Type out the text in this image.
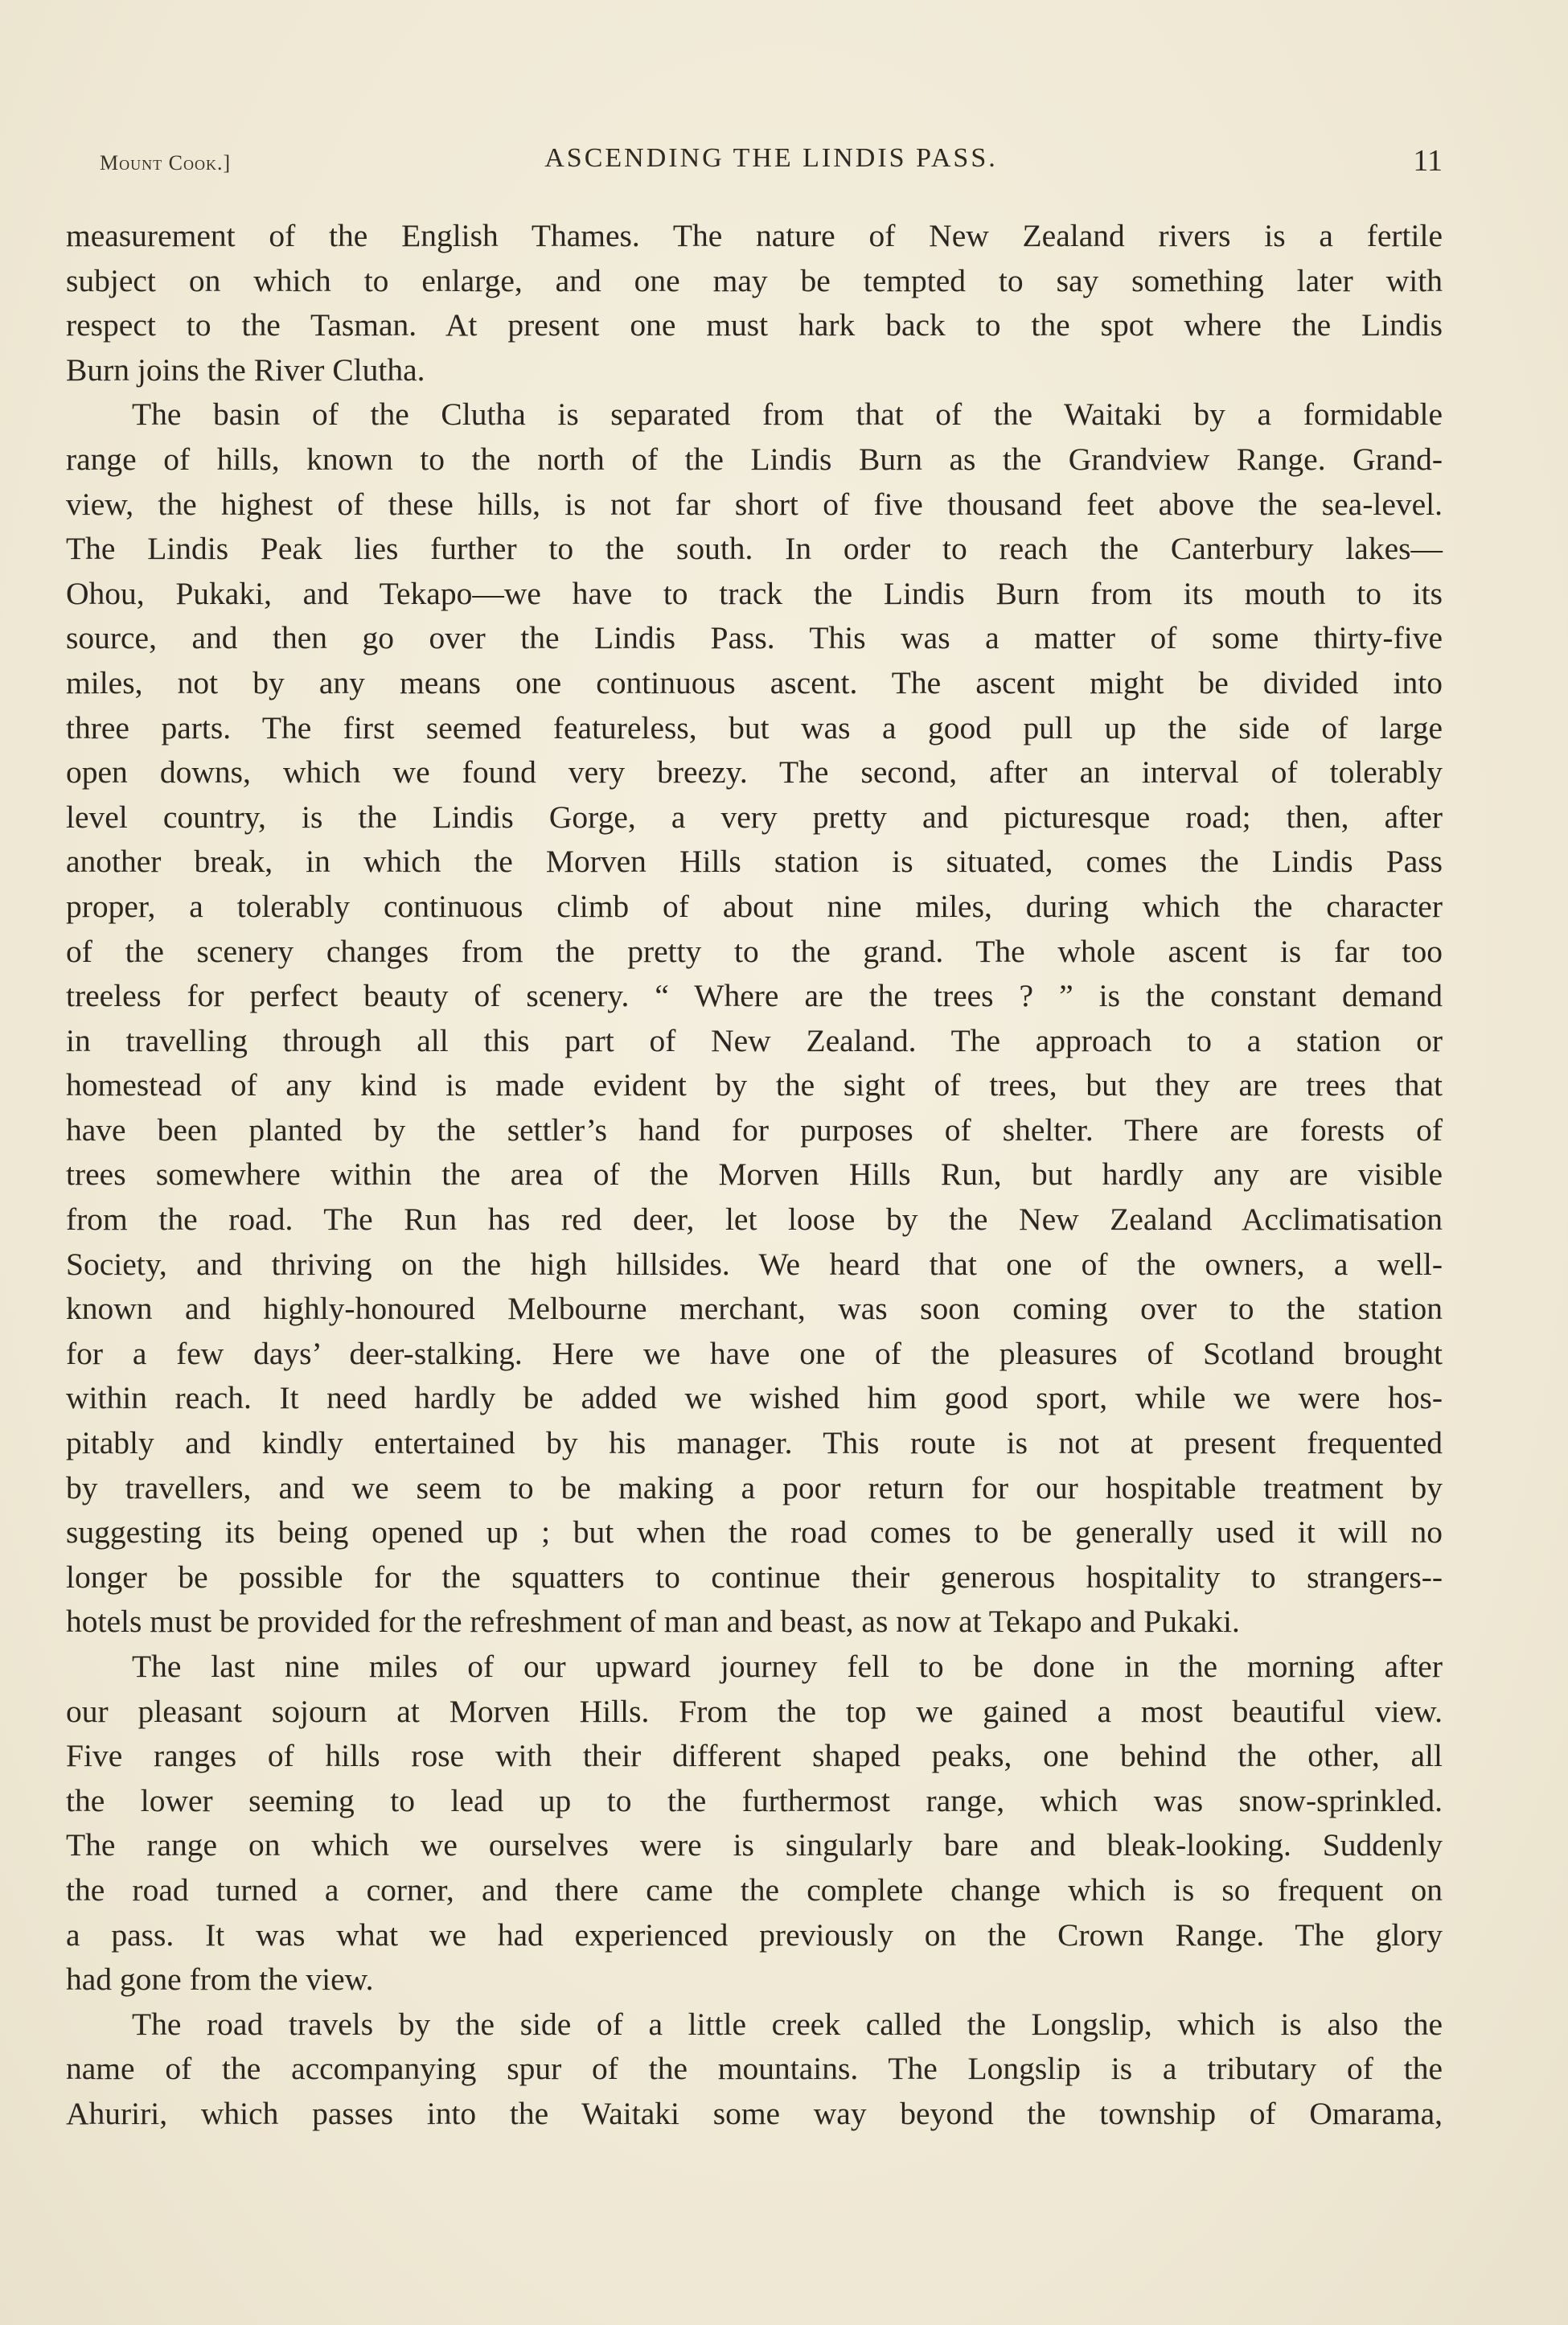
Mount Cook.]	ASCENDING THE LINDIS PASS.	11
measurement of the English Thames. The nature of New Zealand rivers is a fertile
subject on which to enlarge, and one may be tempted to say something later with
respect to the Tasman. At present one must hark back to the spot where the Lindis
Burn joins the River Clutha.
The basin of the Clutha is separated from that of the Waitaki by a formidable
range of hills, known to the north of the Lindis Burn as the Grandview Range. Grand-
view, the highest of these hills, is not far short of five thousand feet above the sea-level.
The Lindis Peak lies further to the south. In order to reach the Canterbury lakes—
Ohou, Pukaki, and Tekapo—we have to track the Lindis Burn from its mouth to its
source, and then go over the Lindis Pass. This was a matter of some thirty-five
miles, not by any means one continuous ascent. The ascent might be divided into
three parts. The first seemed featureless, but was a good pull up the side of large
open downs, which we found very breezy. The second, after an interval of tolerably
level country, is the Lindis Gorge, a very pretty and picturesque road; then, after
another break, in which the Morven Hills station is situated, comes the Lindis Pass
proper, a tolerably continuous climb of about nine miles, during which the character
of the scenery changes from the pretty to the grand. The whole ascent is far too
treeless for perfect beauty of scenery. “ Where are the trees ? ” is the constant demand
in travelling through all this part of New Zealand. The approach to a station or
homestead of any kind is made evident by the sight of trees, but they are trees that
have been planted by the settler’s hand for purposes of shelter. There are forests of
trees somewhere within the area of the Morven Hills Run, but hardly any are visible
from the road. The Run has red deer, let loose by the New Zealand Acclimatisation
Society, and thriving on the high hillsides. We heard that one of the owners, a well-
known and highly-honoured Melbourne merchant, was soon coming over to the station
for a few days’ deer-stalking. Here we have one of the pleasures of Scotland brought
within reach. It need hardly be added we wished him good sport, while we were hos-
pitably and kindly entertained by his manager. This route is not at present frequented
by travellers, and we seem to be making a poor return for our hospitable treatment by
suggesting its being opened up ; but when the road comes to be generally used it will no
longer be possible for the squatters to continue their generous hospitality to strangers--
hotels must be provided for the refreshment of man and beast, as now at Tekapo and Pukaki.
The last nine miles of our upward journey fell to be done in the morning after
our pleasant sojourn at Morven Hills. From the top we gained a most beautiful view.
Five ranges of hills rose with their different shaped peaks, one behind the other, all
the lower seeming to lead up to the furthermost range, which was snow-sprinkled.
The range on which we ourselves were is singularly bare and bleak-looking. Suddenly
the road turned a corner, and there came the complete change which is so frequent on
a pass. It was what we had experienced previously on the Crown Range. The glory
had gone from the view.
The road travels by the side of a little creek called the Longslip, which is also the
name of the accompanying spur of the mountains. The Longslip is a tributary of the
Ahuriri, which passes into the Waitaki some way beyond the township of Omarama,
